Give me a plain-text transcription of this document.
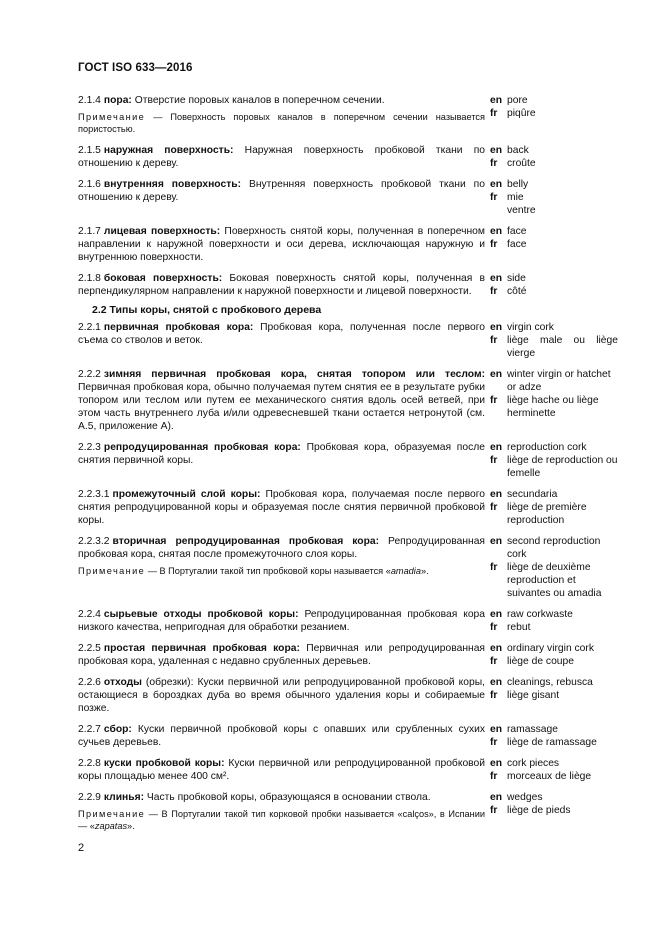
ГОСТ ISO 633—2016
2.1.4 пора: Отверстие поровых каналов в поперечном сечении.
Примечание — Поверхность поровых каналов в поперечном сечении называется пористостью.
en
fr
pore
piqûre
2.1.5 наружная поверхность: Наружная поверхность пробковой ткани по отношению к дереву.
en
fr
back
croûte
2.1.6 внутренняя поверхность: Внутренняя поверхность пробковой ткани по отношению к дереву.
en
fr
belly
mie
ventre
2.1.7 лицевая поверхность: Поверхность снятой коры, полученная в поперечном направлении к наружной поверхности и оси дерева, исключающая наружную и внутреннюю поверхности.
en
fr
face
face
2.1.8 боковая поверхность: Боковая поверхность снятой коры, полученная в перпендикулярном направлении к наружной поверхности и лицевой поверхности.
en
fr
side
côté
2.2 Типы коры, снятой с пробкового дерева
2.2.1 первичная пробковая кора: Пробковая кора, полученная после первого съема со стволов и веток.
en
fr
virgin cork
liège male ou liège vierge
2.2.2 зимняя первичная пробковая кора, снятая топором или теслом: Первичная пробковая кора, обычно получаемая путем снятия ее в результате рубки топором или теслом или путем ее механического снятия вдоль осей ветвей, при этом часть внутреннего луба и/или одревесневшей ткани остается нетронутой (см. А.5, приложение А).
en
fr
winter virgin or hatchet or adze
liège hache ou liège herminette
2.2.3 репродуцированная пробковая кора: Пробковая кора, образуемая после снятия первичной коры.
en
fr
reproduction cork
liège de reproduction ou femelle
2.2.3.1 промежуточный слой коры: Пробковая кора, получаемая после первого снятия репродуцированной коры и образуемая после снятия первичной пробковой коры.
en
fr
secundaria
liège de première reproduction
2.2.3.2 вторичная репродуцированная пробковая кора: Репродуцированная пробковая кора, снятая после промежуточного слоя коры.
Примечание — В Португалии такой тип пробковой коры называется «amadia».
en
fr
second reproduction cork
liège de deuxième reproduction et suivantes ou amadia
2.2.4 сырьевые отходы пробковой коры: Репродуцированная пробковая кора низкого качества, непригодная для обработки резанием.
en
fr
raw corkwaste
rebut
2.2.5 простая первичная пробковая кора: Первичная или репродуцированная пробковая кора, удаленная с недавно срубленных деревьев.
en
fr
ordinary virgin cork
liège de coupe
2.2.6 отходы (обрезки): Куски первичной или репродуцированной пробковой коры, остающиеся в бороздках дуба во время обычного удаления коры и собираемые позже.
en
fr
cleanings, rebusca
liège gisant
2.2.7 сбор: Куски первичной пробковой коры с опавших или срубленных сухих сучьев деревьев.
en
fr
ramassage
liège de ramassage
2.2.8 куски пробковой коры: Куски первичной или репродуцированной пробковой коры площадью менее 400 см².
en
fr
cork pieces
morceaux de liège
2.2.9 клинья: Часть пробковой коры, образующаяся в основании ствола.
Примечание — В Португалии такой тип корковой пробки называется «calços», в Испании — «zapatas».
en
fr
wedges
liège de pieds
2
